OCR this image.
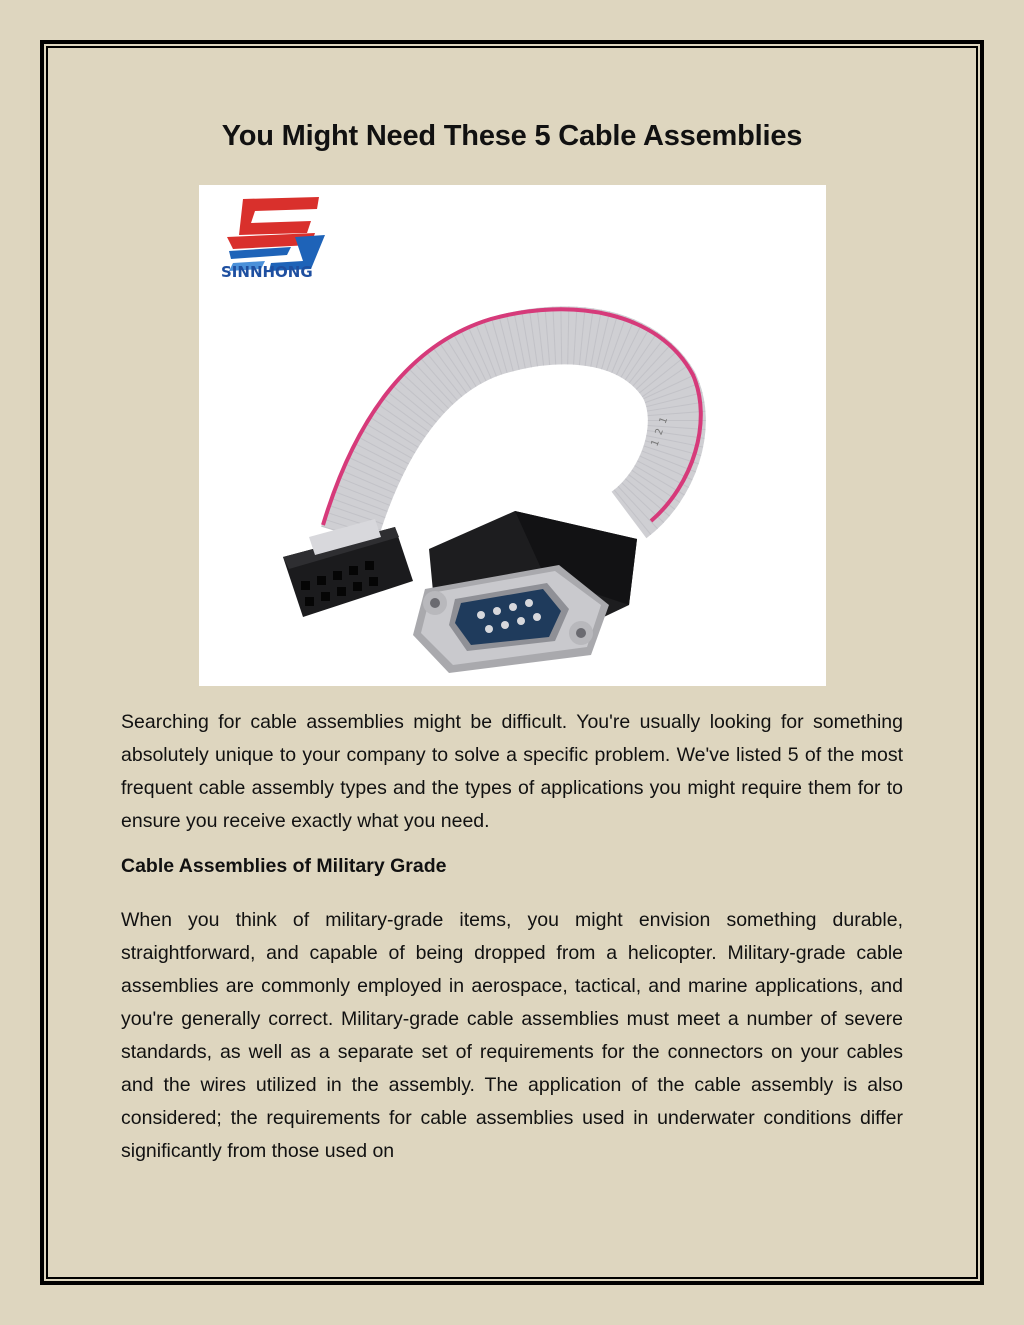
You Might Need These 5 Cable Assemblies
SINNHONG
1 2 1

Searching for cable assemblies might be difficult. You're usually looking for something absolutely unique to your company to solve a specific problem. We've listed 5 of the most frequent cable assembly types and the types of applications you might require them for to ensure you receive exactly what you need.

Cable Assemblies of Military Grade

When you think of military-grade items, you might envision something durable, straightforward, and capable of being dropped from a helicopter. Military-grade cable assemblies are commonly employed in aerospace, tactical, and marine applications, and you're generally correct. Military-grade cable assemblies must meet a number of severe standards, as well as a separate set of requirements for the connectors on your cables and the wires utilized in the assembly. The application of the cable assembly is also considered; the requirements for cable assemblies used in underwater conditions differ significantly from those used on
